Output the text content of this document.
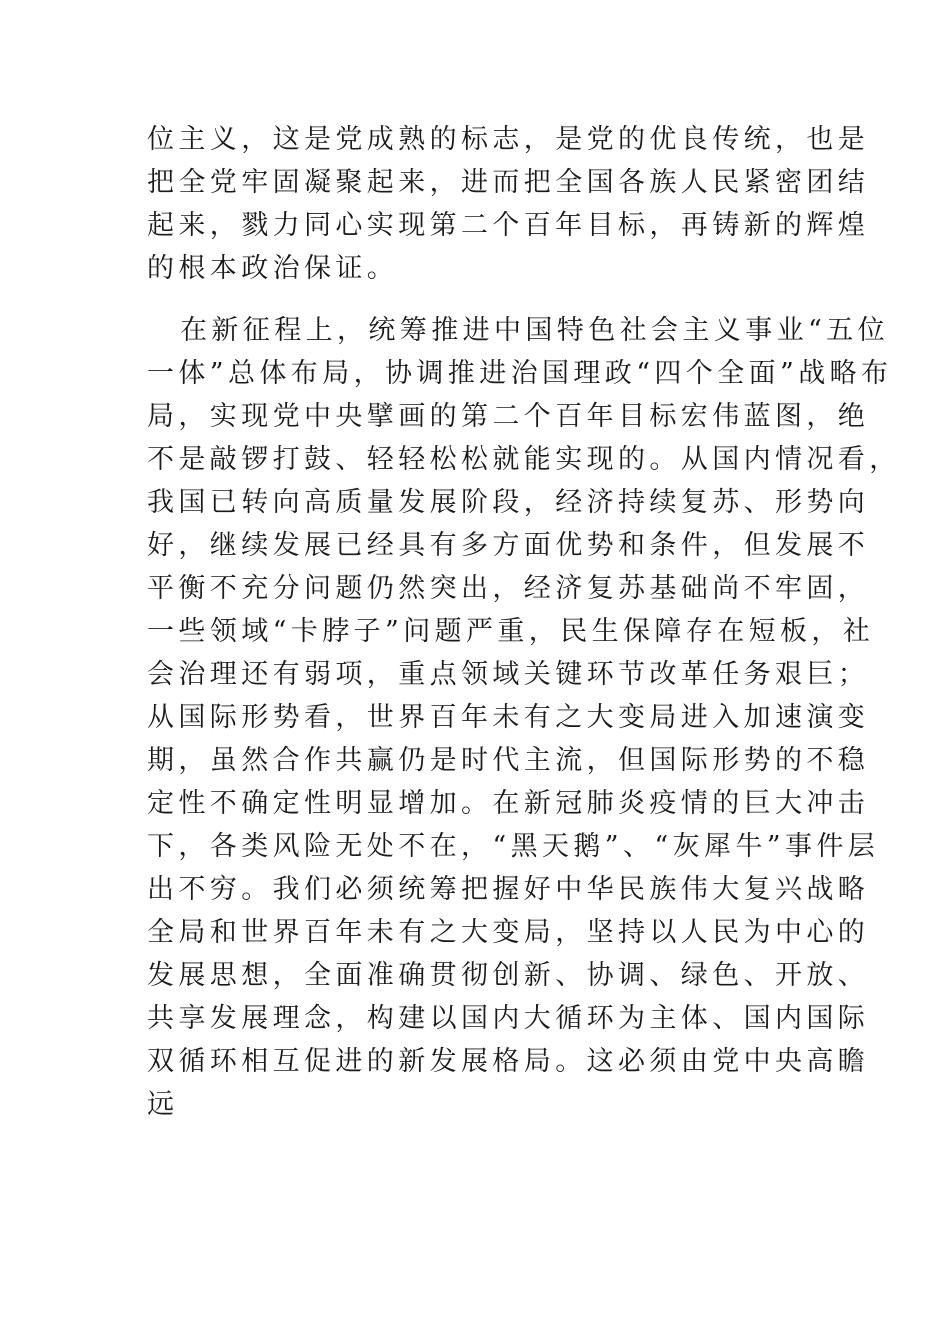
位主义，这是党成熟的标志，是党的优良传统，也是
把全党牢固凝聚起来，进而把全国各族人民紧密团结
起来，戮力同心实现第二个百年目标，再铸新的辉煌
的根本政治保证。
在新征程上，统筹推进中国特色社会主义事业“五位
一体”总体布局，协调推进治国理政“四个全面”战略布
局，实现党中央擘画的第二个百年目标宏伟蓝图，绝
不是敲锣打鼓、轻轻松松就能实现的。从国内情况看，
我国已转向高质量发展阶段，经济持续复苏、形势向
好，继续发展已经具有多方面优势和条件，但发展不
平衡不充分问题仍然突出，经济复苏基础尚不牢固，
一些领域“卡脖子”问题严重，民生保障存在短板，社
会治理还有弱项，重点领域关键环节改革任务艰巨；
从国际形势看，世界百年未有之大变局进入加速演变
期，虽然合作共赢仍是时代主流，但国际形势的不稳
定性不确定性明显增加。在新冠肺炎疫情的巨大冲击
下，各类风险无处不在，“黑天鹅”、“灰犀牛”事件层
出不穷。我们必须统筹把握好中华民族伟大复兴战略
全局和世界百年未有之大变局，坚持以人民为中心的
发展思想，全面准确贯彻创新、协调、绿色、开放、
共享发展理念，构建以国内大循环为主体、国内国际
双循环相互促进的新发展格局。这必须由党中央高瞻
远
